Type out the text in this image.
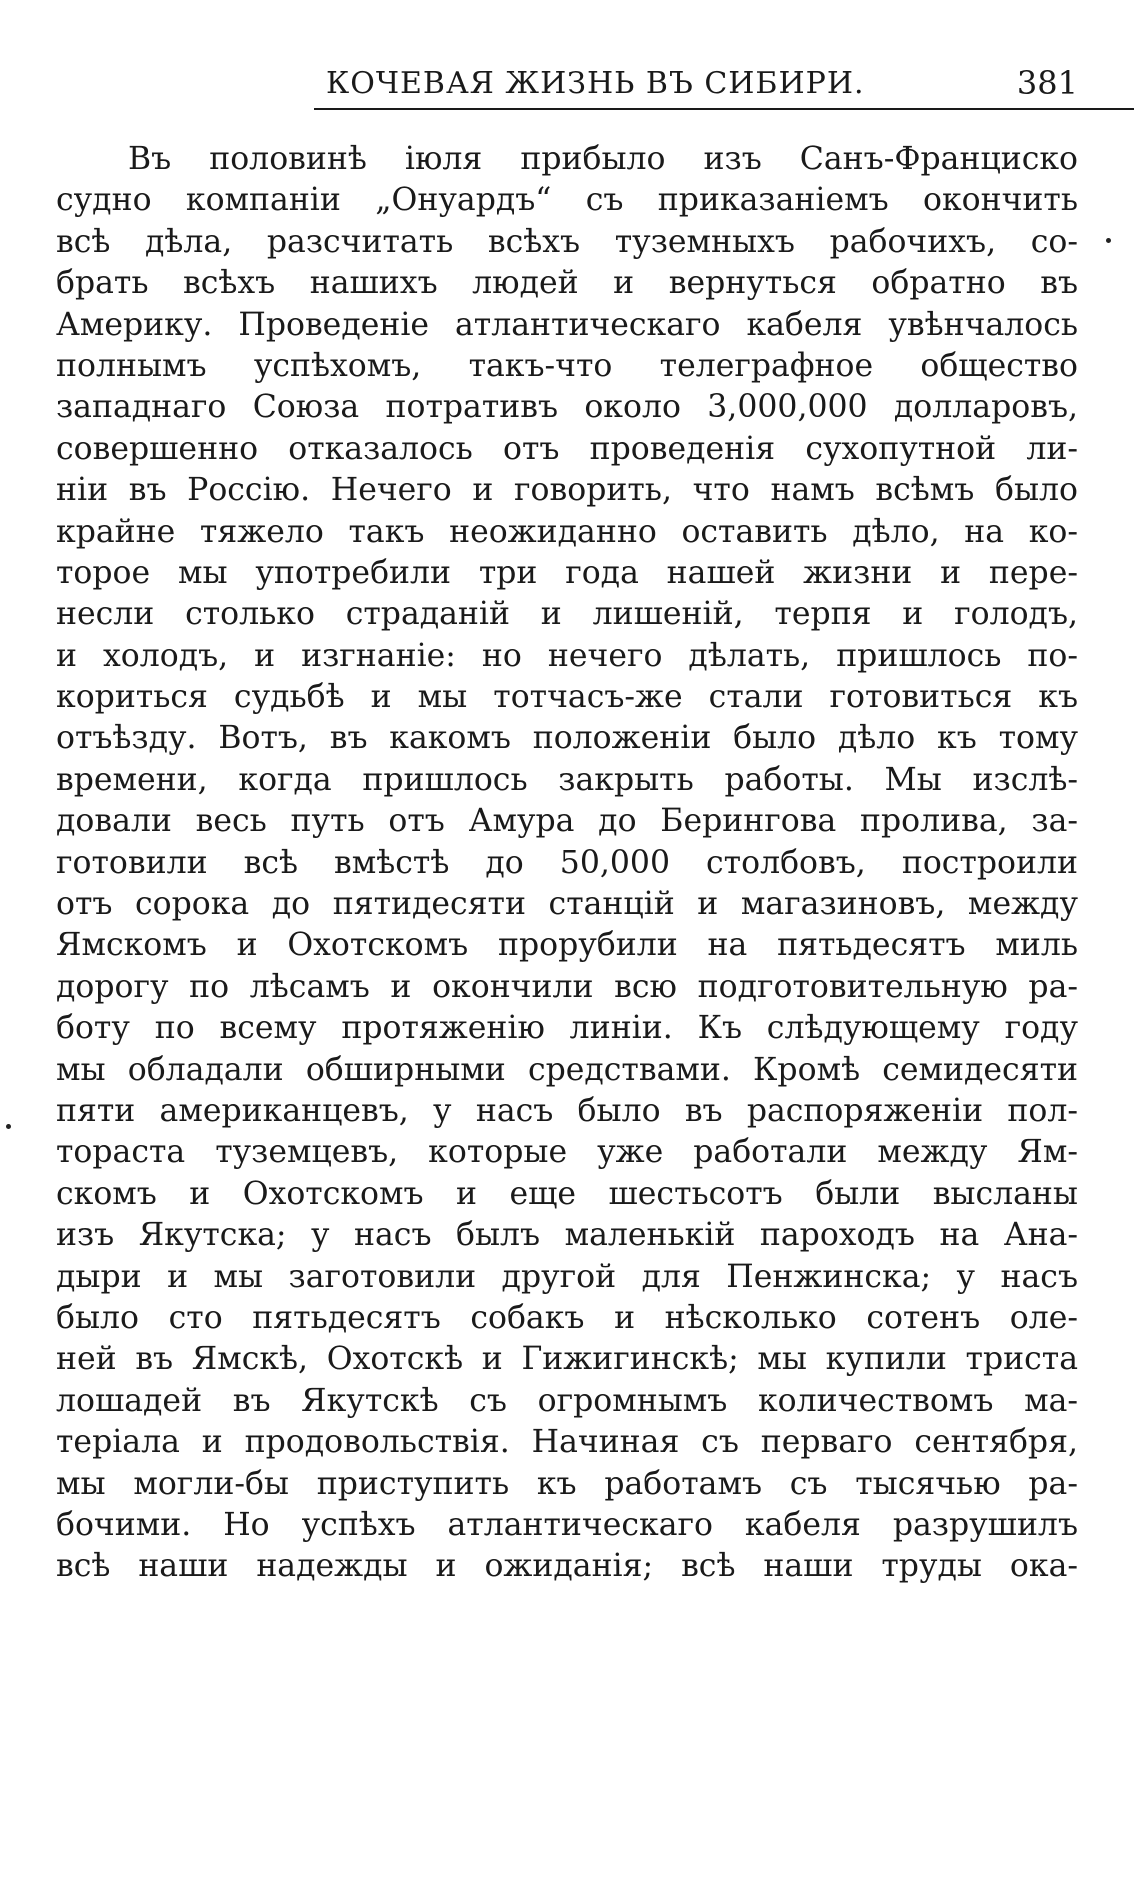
КОЧЕВАЯ ЖИЗНЬ ВЪ СИБИРИ.	381
Въ половинѣ іюля прибыло изъ Санъ-Франциско
судно компаніи „Онуардъ“ съ приказаніемъ окончить
всѣ дѣла, разсчитать всѣхъ туземныхъ рабочихъ, со-
брать всѣхъ нашихъ людей и вернуться обратно въ
Америку. Проведеніе атлантическаго кабеля увѣнчалось
полнымъ успѣхомъ, такъ-что телеграфное общество
западнаго Союза потративъ около 3,000,000 долларовъ,
совершенно отказалось отъ проведенія сухопутной ли-
ніи въ Россію. Нечего и говорить, что намъ всѣмъ было
крайне тяжело такъ неожиданно оставить дѣло, на ко-
торое мы употребили три года нашей жизни и пере-
несли столько страданій и лишеній, терпя и голодъ,
и холодъ, и изгнаніе: но нечего дѣлать, пришлось по-
кориться судьбѣ и мы тотчасъ-же стали готовиться къ
отъѣзду. Вотъ, въ какомъ положеніи было дѣло къ тому
времени, когда пришлось закрыть работы. Мы изслѣ-
довали весь путь отъ Амура до Берингова пролива, за-
готовили всѣ вмѣстѣ до 50,000 столбовъ, построили
отъ сорока до пятидесяти станцій и магазиновъ, между
Ямскомъ и Охотскомъ прорубили на пятьдесятъ миль
дорогу по лѣсамъ и окончили всю подготовительную ра-
боту по всему протяженію линіи. Къ слѣдующему году
мы обладали обширными средствами. Кромѣ семидесяти
пяти американцевъ, у насъ было въ распоряженіи пол-
тораста туземцевъ, которые уже работали между Ям-
скомъ и Охотскомъ и еще шестьсотъ были высланы
изъ Якутска; у насъ былъ маленькій пароходъ на Ана-
дыри и мы заготовили другой для Пенжинска; у насъ
было сто пятьдесятъ собакъ и нѣсколько сотенъ оле-
ней въ Ямскѣ, Охотскѣ и Гижигинскѣ; мы купили триста
лошадей въ Якутскѣ съ огромнымъ количествомъ ма-
теріала и продовольствія. Начиная съ перваго сентября,
мы могли-бы приступить къ работамъ съ тысячью ра-
бочими. Но успѣхъ атлантическаго кабеля разрушилъ
всѣ наши надежды и ожиданія; всѣ наши труды ока-
